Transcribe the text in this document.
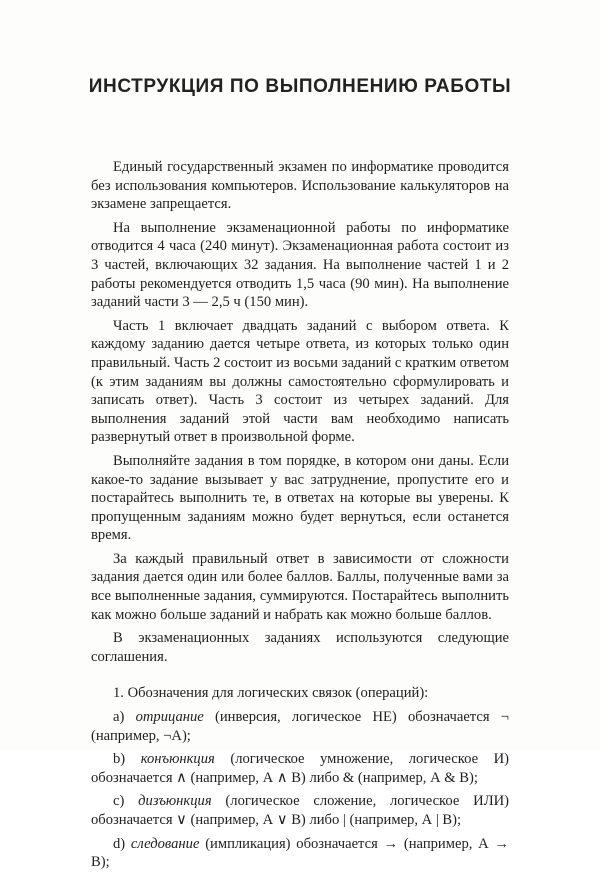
ИНСТРУКЦИЯ ПО ВЫПОЛНЕНИЮ РАБОТЫ

Единый государственный экзамен по информатике проводится без использования компьютеров. Использование калькуляторов на экзамене запрещается.

На выполнение экзаменационной работы по информатике отводится 4 часа (240 минут). Экзаменационная работа состоит из 3 частей, включающих 32 задания. На выполнение частей 1 и 2 работы рекомендуется отводить 1,5 часа (90 мин). На выполнение заданий части 3 — 2,5 ч (150 мин).

Часть 1 включает двадцать заданий с выбором ответа. К каждому заданию дается четыре ответа, из которых только один правильный. Часть 2 состоит из восьми заданий с кратким ответом (к этим заданиям вы должны самостоятельно сформулировать и записать ответ). Часть 3 состоит из четырех заданий. Для выполнения заданий этой части вам необходимо написать развернутый ответ в произвольной форме.

Выполняйте задания в том порядке, в котором они даны. Если какое-то задание вызывает у вас затруднение, пропустите его и постарайтесь выполнить те, в ответах на которые вы уверены. К пропущенным заданиям можно будет вернуться, если останется время.

За каждый правильный ответ в зависимости от сложности задания дается один или более баллов. Баллы, полученные вами за все выполненные задания, суммируются. Постарайтесь выполнить как можно больше заданий и набрать как можно больше баллов.

В экзаменационных заданиях используются следующие соглашения.

1. Обозначения для логических связок (операций):

а) отрицание (инверсия, логическое НЕ) обозначается ¬ (например, ¬А);

b) конъюнкция (логическое умножение, логическое И) обозначается ∧ (например, А ∧ В) либо & (например, А & В);

c) дизъюнкция (логическое сложение, логическое ИЛИ) обозначается ∨ (например, А ∨ В) либо | (например, А | В);

d) следование (импликация) обозначается → (например, А → В);
